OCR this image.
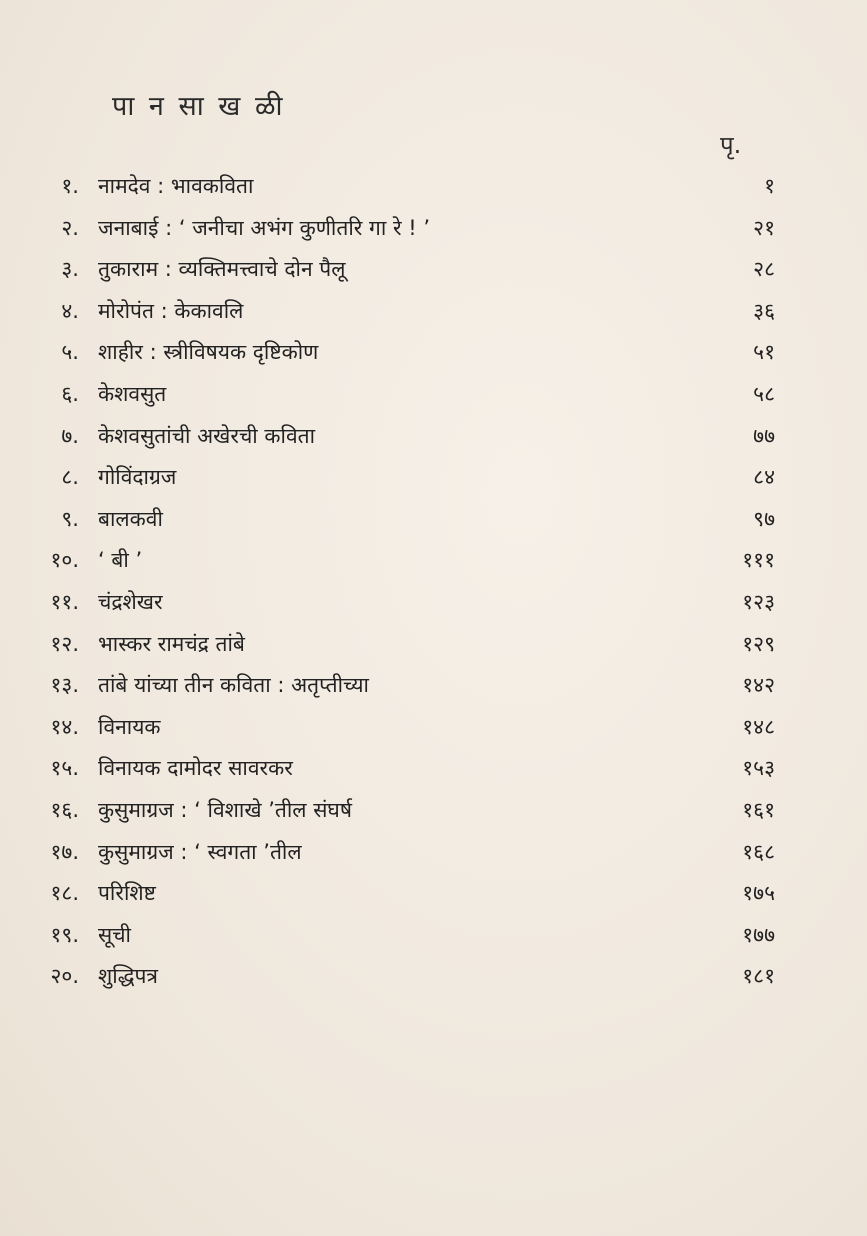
पा न सा ख ळी
पृ.
१. नामदेव : भावकविता	१
२. जनाबाई : ‘ जनीचा अभंग कुणीतरि गा रे ! ’	२१
३. तुकाराम : व्यक्तिमत्त्वाचे दोन पैलू	२८
४. मोरोपंत : केकावलि	३६
५. शाहीर : स्त्रीविषयक दृष्टिकोण	५१
६. केशवसुत	५८
७. केशवसुतांची अखेरची कविता	७७
८. गोविंदाग्रज	८४
९. बालकवी	९७
१०. ‘ बी ’	१११
११. चंद्रशेखर	१२३
१२. भास्कर रामचंद्र तांबे	१२९
१३. तांबे यांच्या तीन कविता : अतृप्तीच्या	१४२
१४. विनायक	१४८
१५. विनायक दामोदर सावरकर	१५३
१६. कुसुमाग्रज : ‘ विशाखे ’तील संघर्ष	१६१
१७. कुसुमाग्रज : ‘ स्वगता ’तील	१६८
१८. परिशिष्ट	१७५
१९. सूची	१७७
२०. शुद्धिपत्र	१८१
